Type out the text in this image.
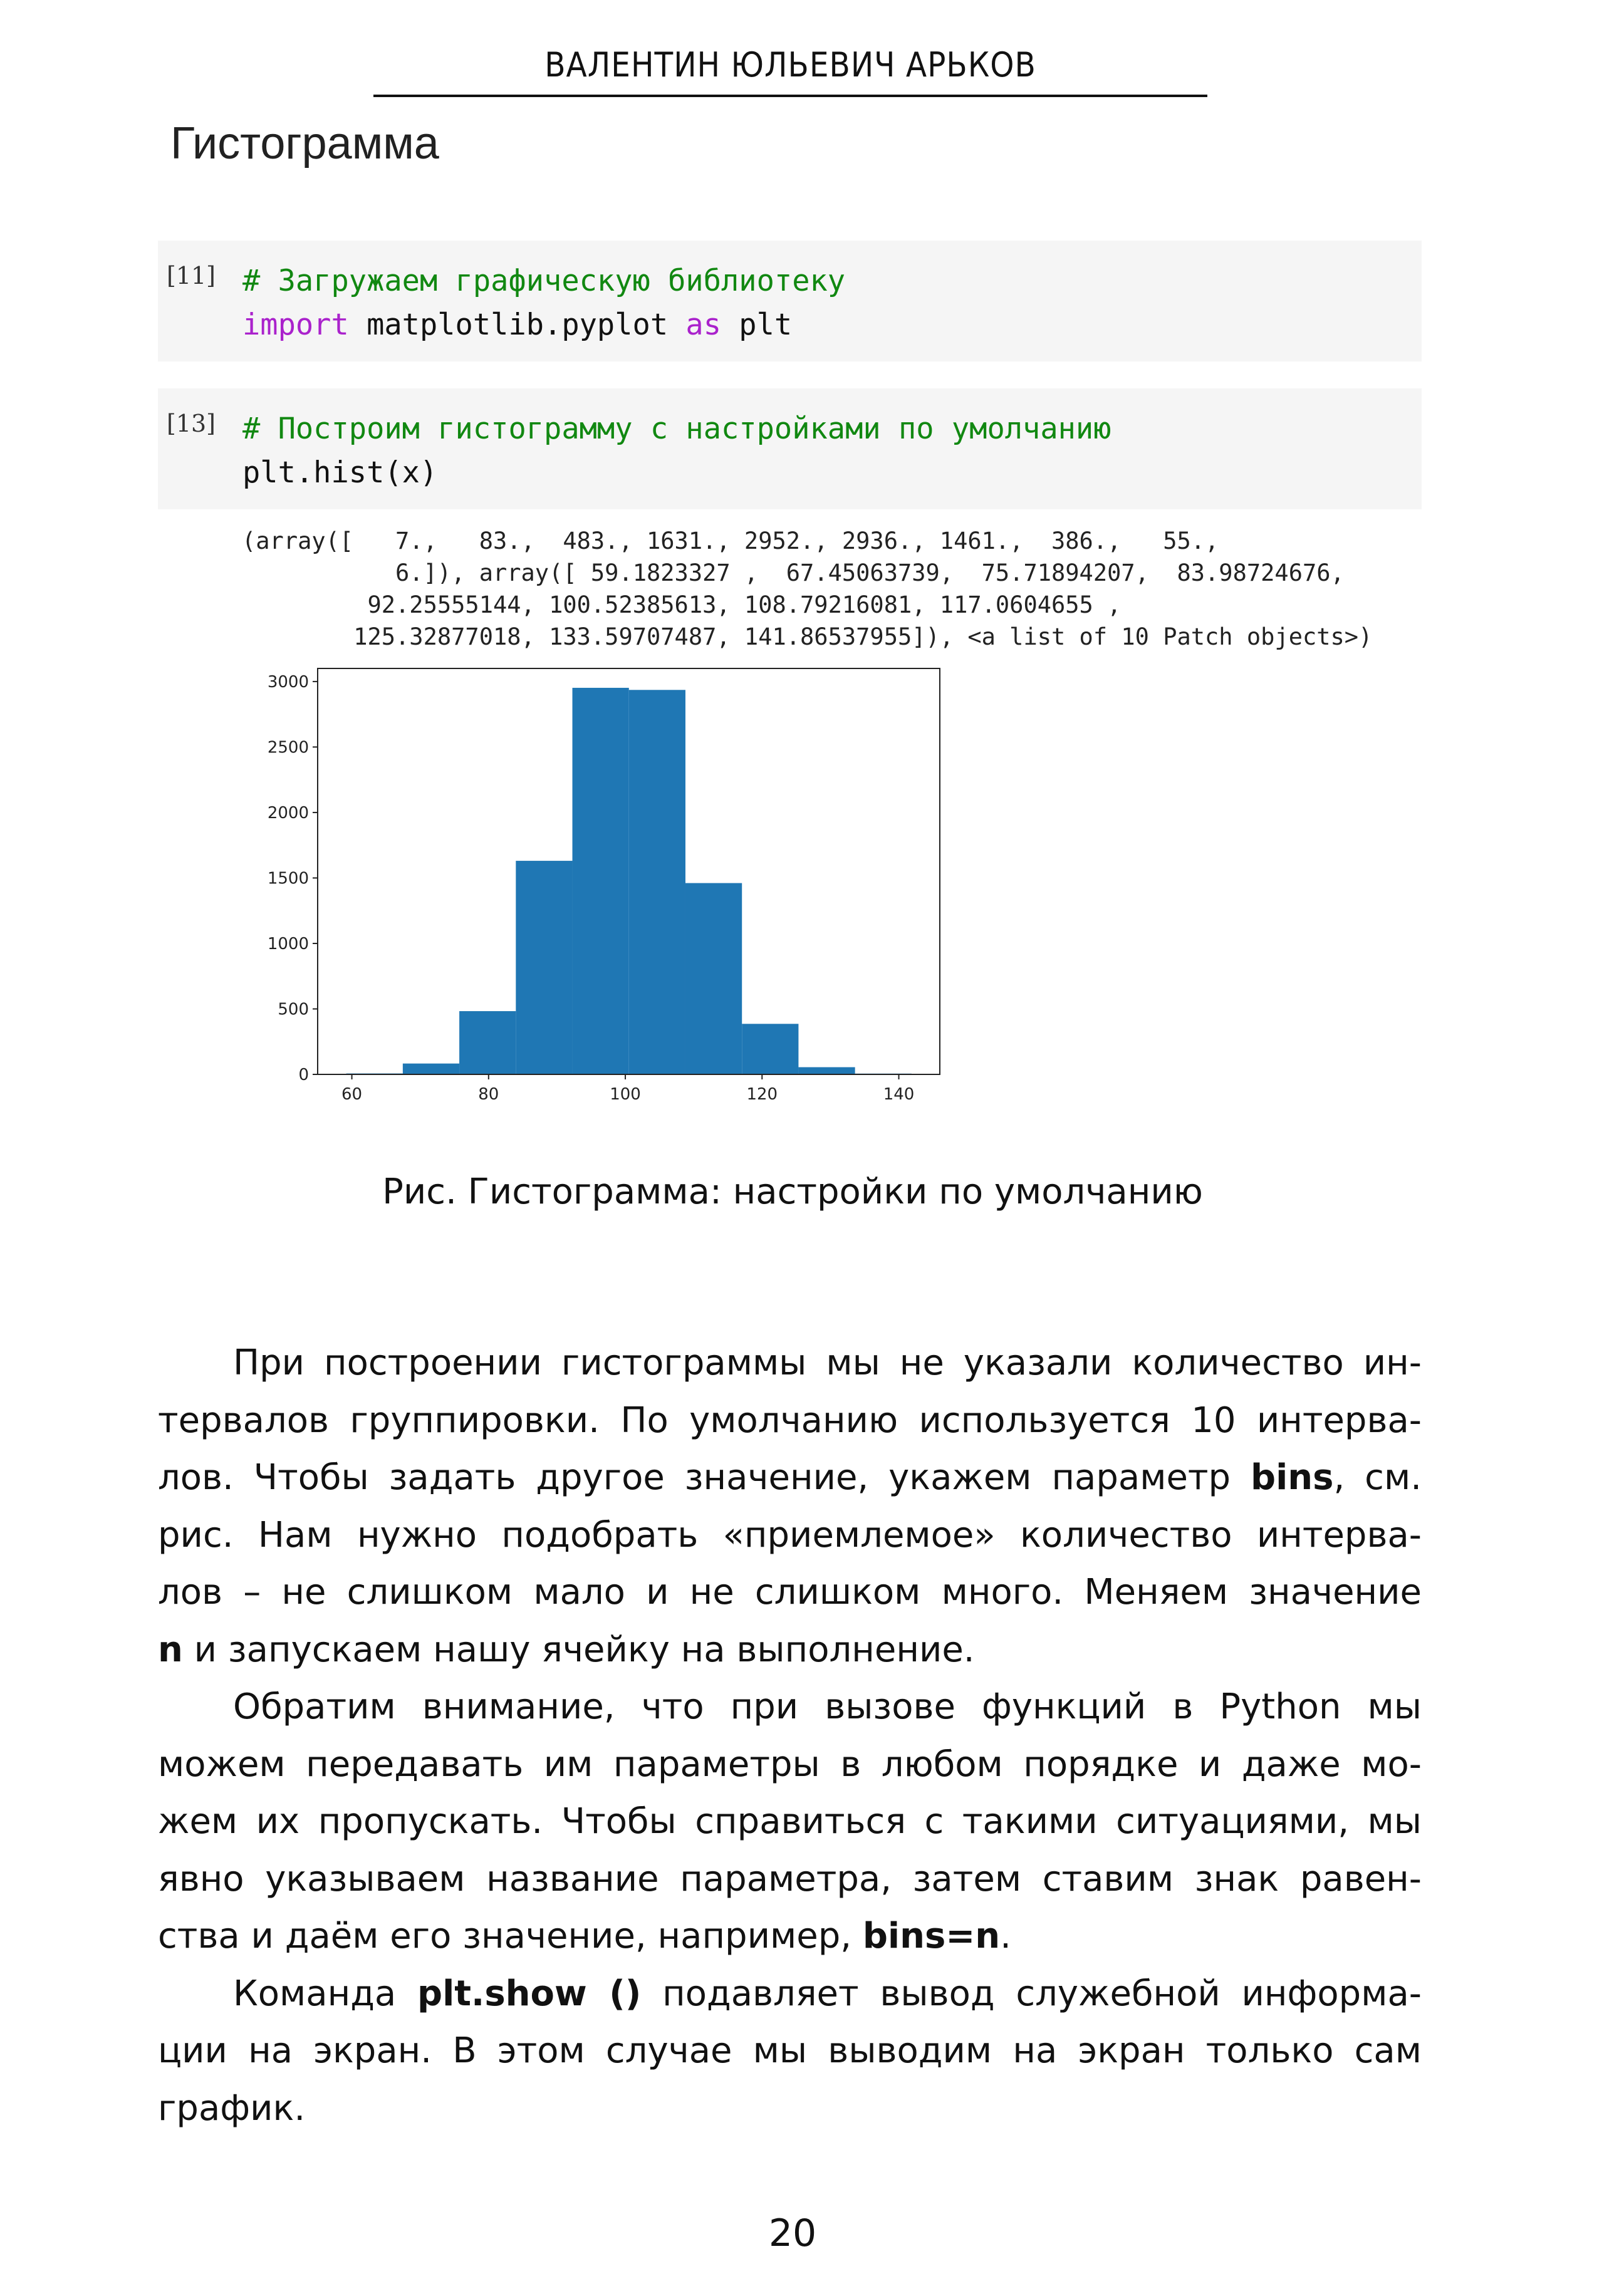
ВАЛЕНТИН ЮЛЬЕВИЧ АРЬКОВ
Гистограмма
[11] # Загружаем графическую библиотеку
import matplotlib.pyplot as plt
[13] # Построим гистограмму с настройками по умолчанию
plt.hist(x)
(array([   7.,   83.,  483., 1631., 2952., 2936., 1461.,  386.,   55.,
6.]), array([ 59.1823327 ,  67.45063739,  75.71894207,  83.98724676,
92.25555144, 100.52385613, 108.79216081, 117.0604655 ,
125.32877018, 133.59707487, 141.86537955]), <a list of 10 Patch objects>)
0
500
1000
1500
2000
2500
3000
60	80	100	120	140
Рис. Гистограмма: настройки по умолчанию

При построении гистограммы мы не указали количество ин-
тервалов группировки. По умолчанию используется 10 интерва-
лов. Чтобы задать другое значение, укажем параметр bins, см.
рис. Нам нужно подобрать «приемлемое» количество интерва-
лов – не слишком мало и не слишком много. Меняем значение
n и запускаем нашу ячейку на выполнение.

Обратим внимание, что при вызове функций в Python мы
можем передавать им параметры в любом порядке и даже мо-
жем их пропускать. Чтобы справиться с такими ситуациями, мы
явно указываем название параметра, затем ставим знак равен-
ства и даём его значение, например, bins=n.

Команда plt.show () подавляет вывод служебной информа-
ции на экран. В этом случае мы выводим на экран только сам
график.

20
